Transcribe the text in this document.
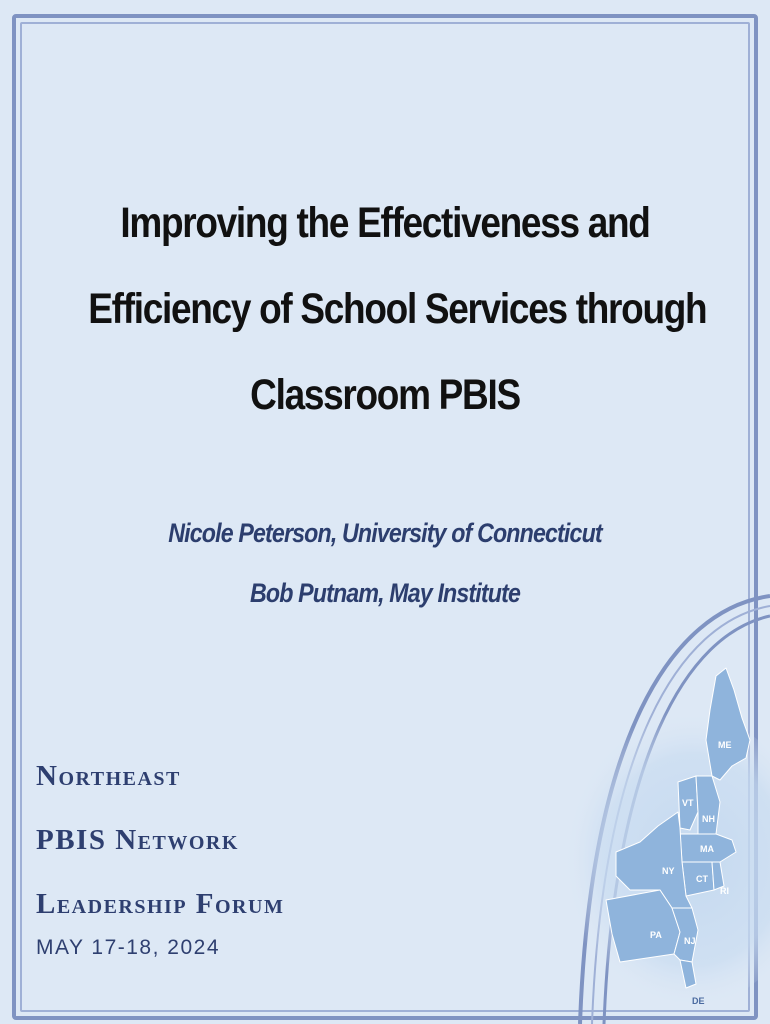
Improving the Effectiveness and
Efficiency of School Services through
Classroom PBIS
Nicole Peterson, University of Connecticut
Bob Putnam, May Institute
Northeast
PBIS Network
Leadership Forum
MAY 17-18, 2024
ME
VT
NH
MA
NY
CT
RI
PA
NJ
DE
